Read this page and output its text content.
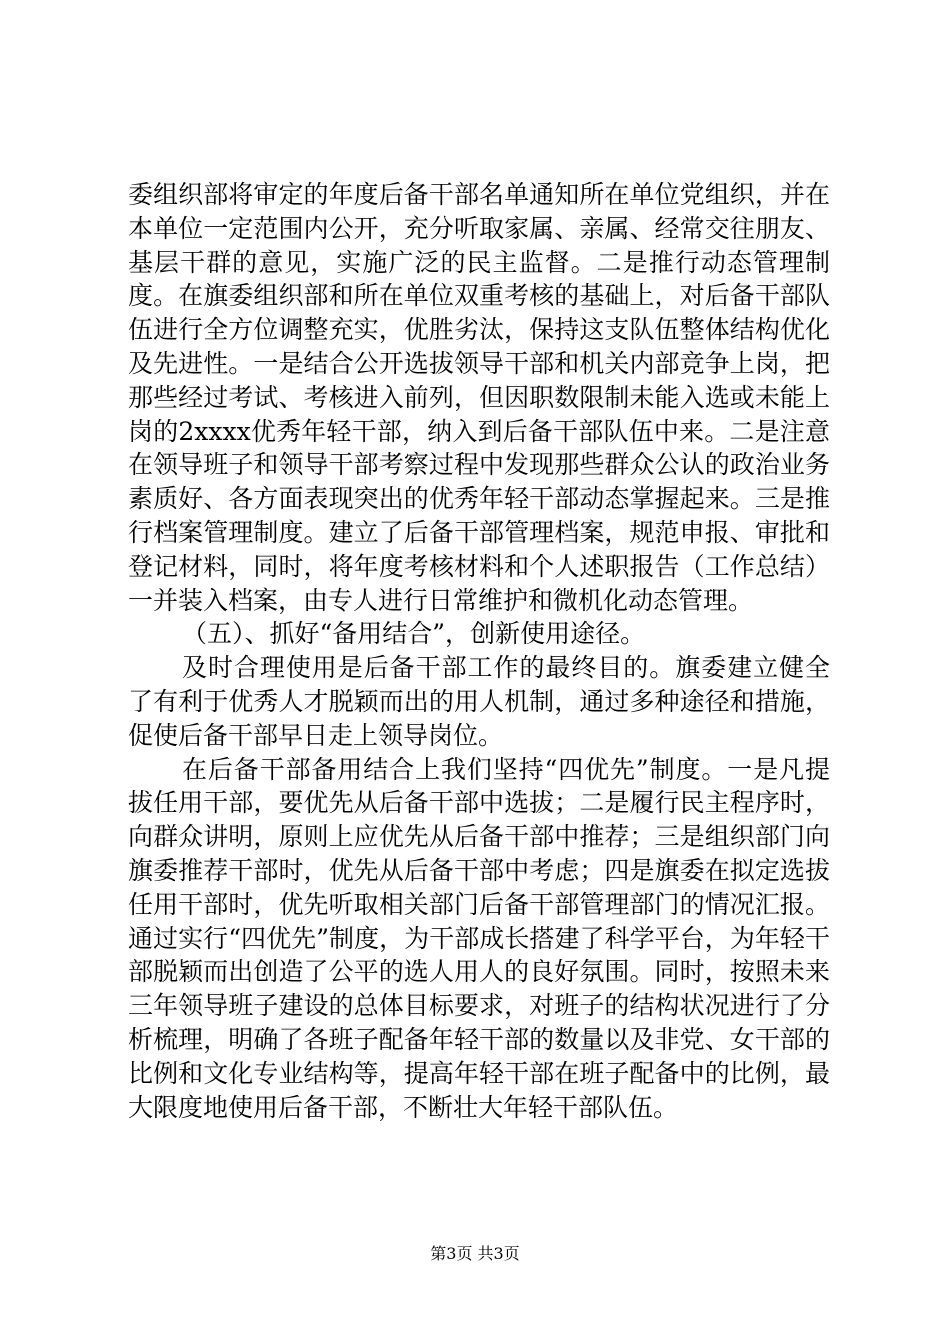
委组织部将审定的年度后备干部名单通知所在单位党组织，并在本单位一定范围内公开，充分听取家属、亲属、经常交往朋友、基层干群的意见，实施广泛的民主监督。二是推行动态管理制度。在旗委组织部和所在单位双重考核的基础上，对后备干部队伍进行全方位调整充实，优胜劣汰，保持这支队伍整体结构优化及先进性。一是结合公开选拔领导干部和机关内部竞争上岗，把那些经过考试、考核进入前列，但因职数限制未能入选或未能上岗的2xxxx优秀年轻干部，纳入到后备干部队伍中来。二是注意在领导班子和领导干部考察过程中发现那些群众公认的政治业务素质好、各方面表现突出的优秀年轻干部动态掌握起来。三是推行档案管理制度。建立了后备干部管理档案，规范申报、审批和登记材料，同时，将年度考核材料和个人述职报告（工作总结）一并装入档案，由专人进行日常维护和微机化动态管理。

（五）、抓好“备用结合”，创新使用途径。

及时合理使用是后备干部工作的最终目的。旗委建立健全了有利于优秀人才脱颖而出的用人机制，通过多种途径和措施，促使后备干部早日走上领导岗位。

在后备干部备用结合上我们坚持“四优先”制度。一是凡提拔任用干部，要优先从后备干部中选拔；二是履行民主程序时，向群众讲明，原则上应优先从后备干部中推荐；三是组织部门向旗委推荐干部时，优先从后备干部中考虑；四是旗委在拟定选拔任用干部时，优先听取相关部门后备干部管理部门的情况汇报。通过实行“四优先”制度，为干部成长搭建了科学平台，为年轻干部脱颖而出创造了公平的选人用人的良好氛围。同时，按照未来三年领导班子建设的总体目标要求，对班子的结构状况进行了分析梳理，明确了各班子配备年轻干部的数量以及非党、女干部的比例和文化专业结构等，提高年轻干部在班子配备中的比例，最大限度地使用后备干部，不断壮大年轻干部队伍。

第3页 共3页
